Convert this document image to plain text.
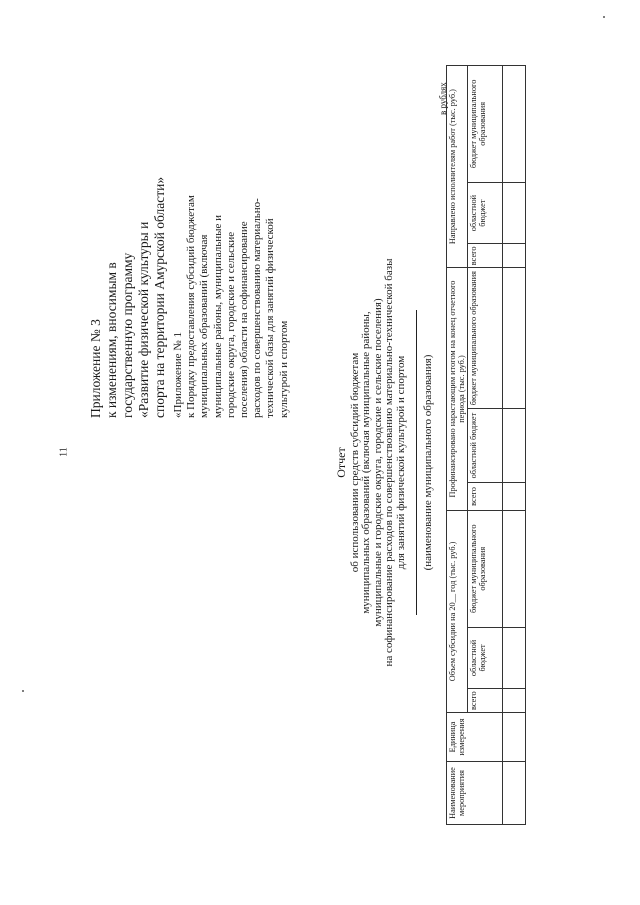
11
Приложение № 3 к изменениям, вносимым в государственную программу «Развитие физической культуры и спорта на территории Амурской области» «Приложение № 1 к Порядку предоставления субсидий бюджетам муниципальных образований (включая муниципальные районы, муниципальные и городские округа, городские и сельские поселения) области на софинансирование расходов по совершенствованию материально- технической базы для занятий физической культурой и спортом
Отчет об использовании средств субсидий бюджетам муниципальных образований (включая муниципальные районы, муниципальные и городские округа, городские и сельские поселения) на софинансирование расходов по совершенствованию материально-технической базы для занятий физической культурой и спортом (наименование муниципального образования)
в рублях
Наименование мероприятия	Единица измерения	Объем субсидии на 20__ год (тыс. руб.)			Профинансировано нарастающим итогом на конец отчетного периода (тыс. руб.)			Направлено исполнителям работ (тыс. руб.)		
		всего	областной бюджет	бюджет муниципального образования	всего	областной бюджет	бюджет муниципального образования	всего	областной бюджет	бюджет муниципального образования
